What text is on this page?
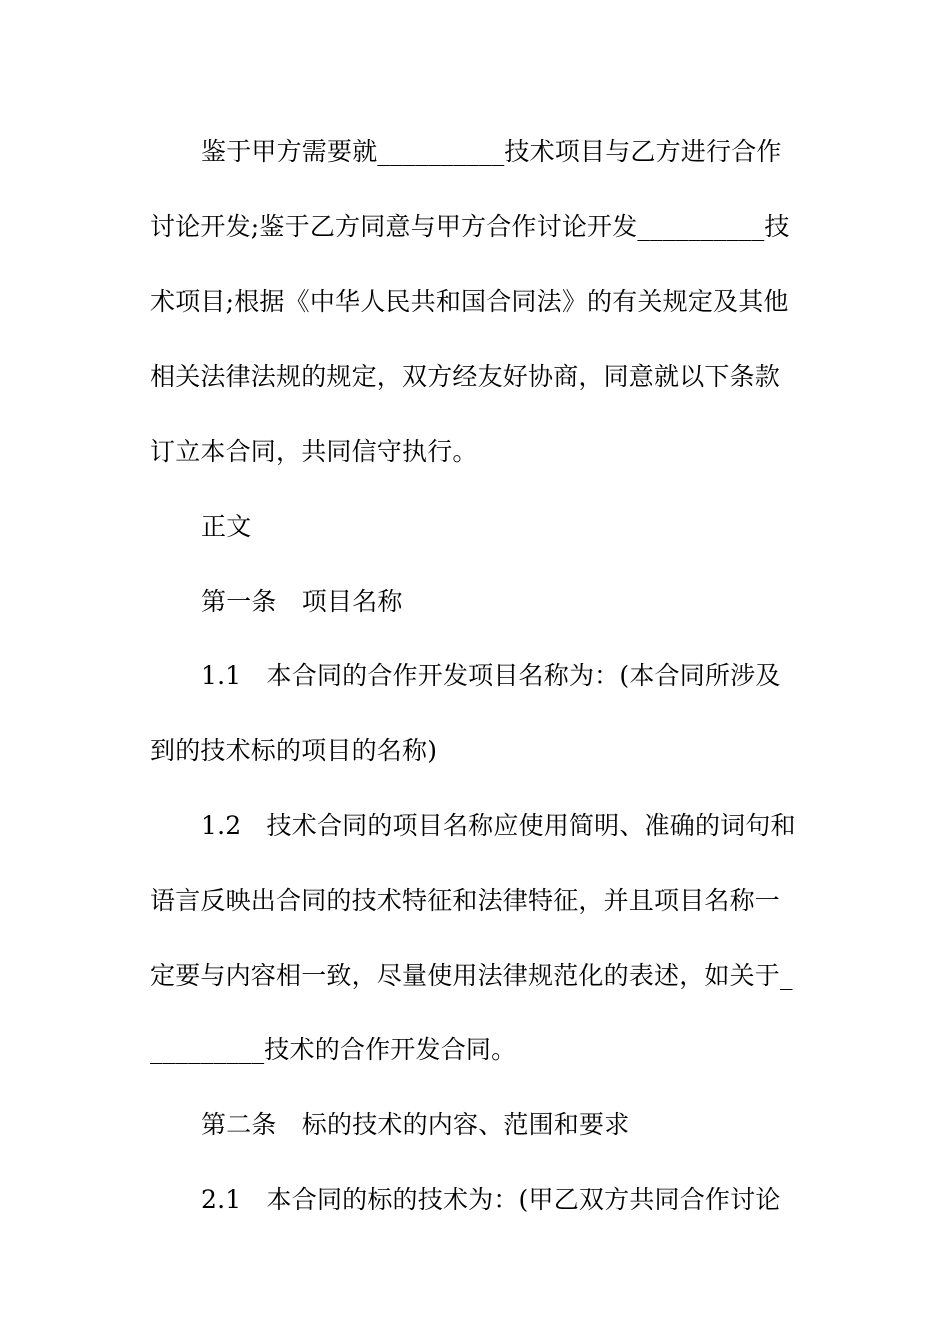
鉴于甲方需要就__________技术项目与乙方进行合作
讨论开发;鉴于乙方同意与甲方合作讨论开发__________技
术项目;根据《中华人民共和国合同法》的有关规定及其他
相关法律法规的规定，双方经友好协商，同意就以下条款
订立本合同，共同信守执行。
正文
第一条　项目名称
1.1　本合同的合作开发项目名称为：(本合同所涉及
到的技术标的项目的名称)
1.2　技术合同的项目名称应使用简明、准确的词句和
语言反映出合同的技术特征和法律特征，并且项目名称一
定要与内容相一致，尽量使用法律规范化的表述，如关于_
_________技术的合作开发合同。
第二条　标的技术的内容、范围和要求
2.1　本合同的标的技术为：(甲乙双方共同合作讨论
